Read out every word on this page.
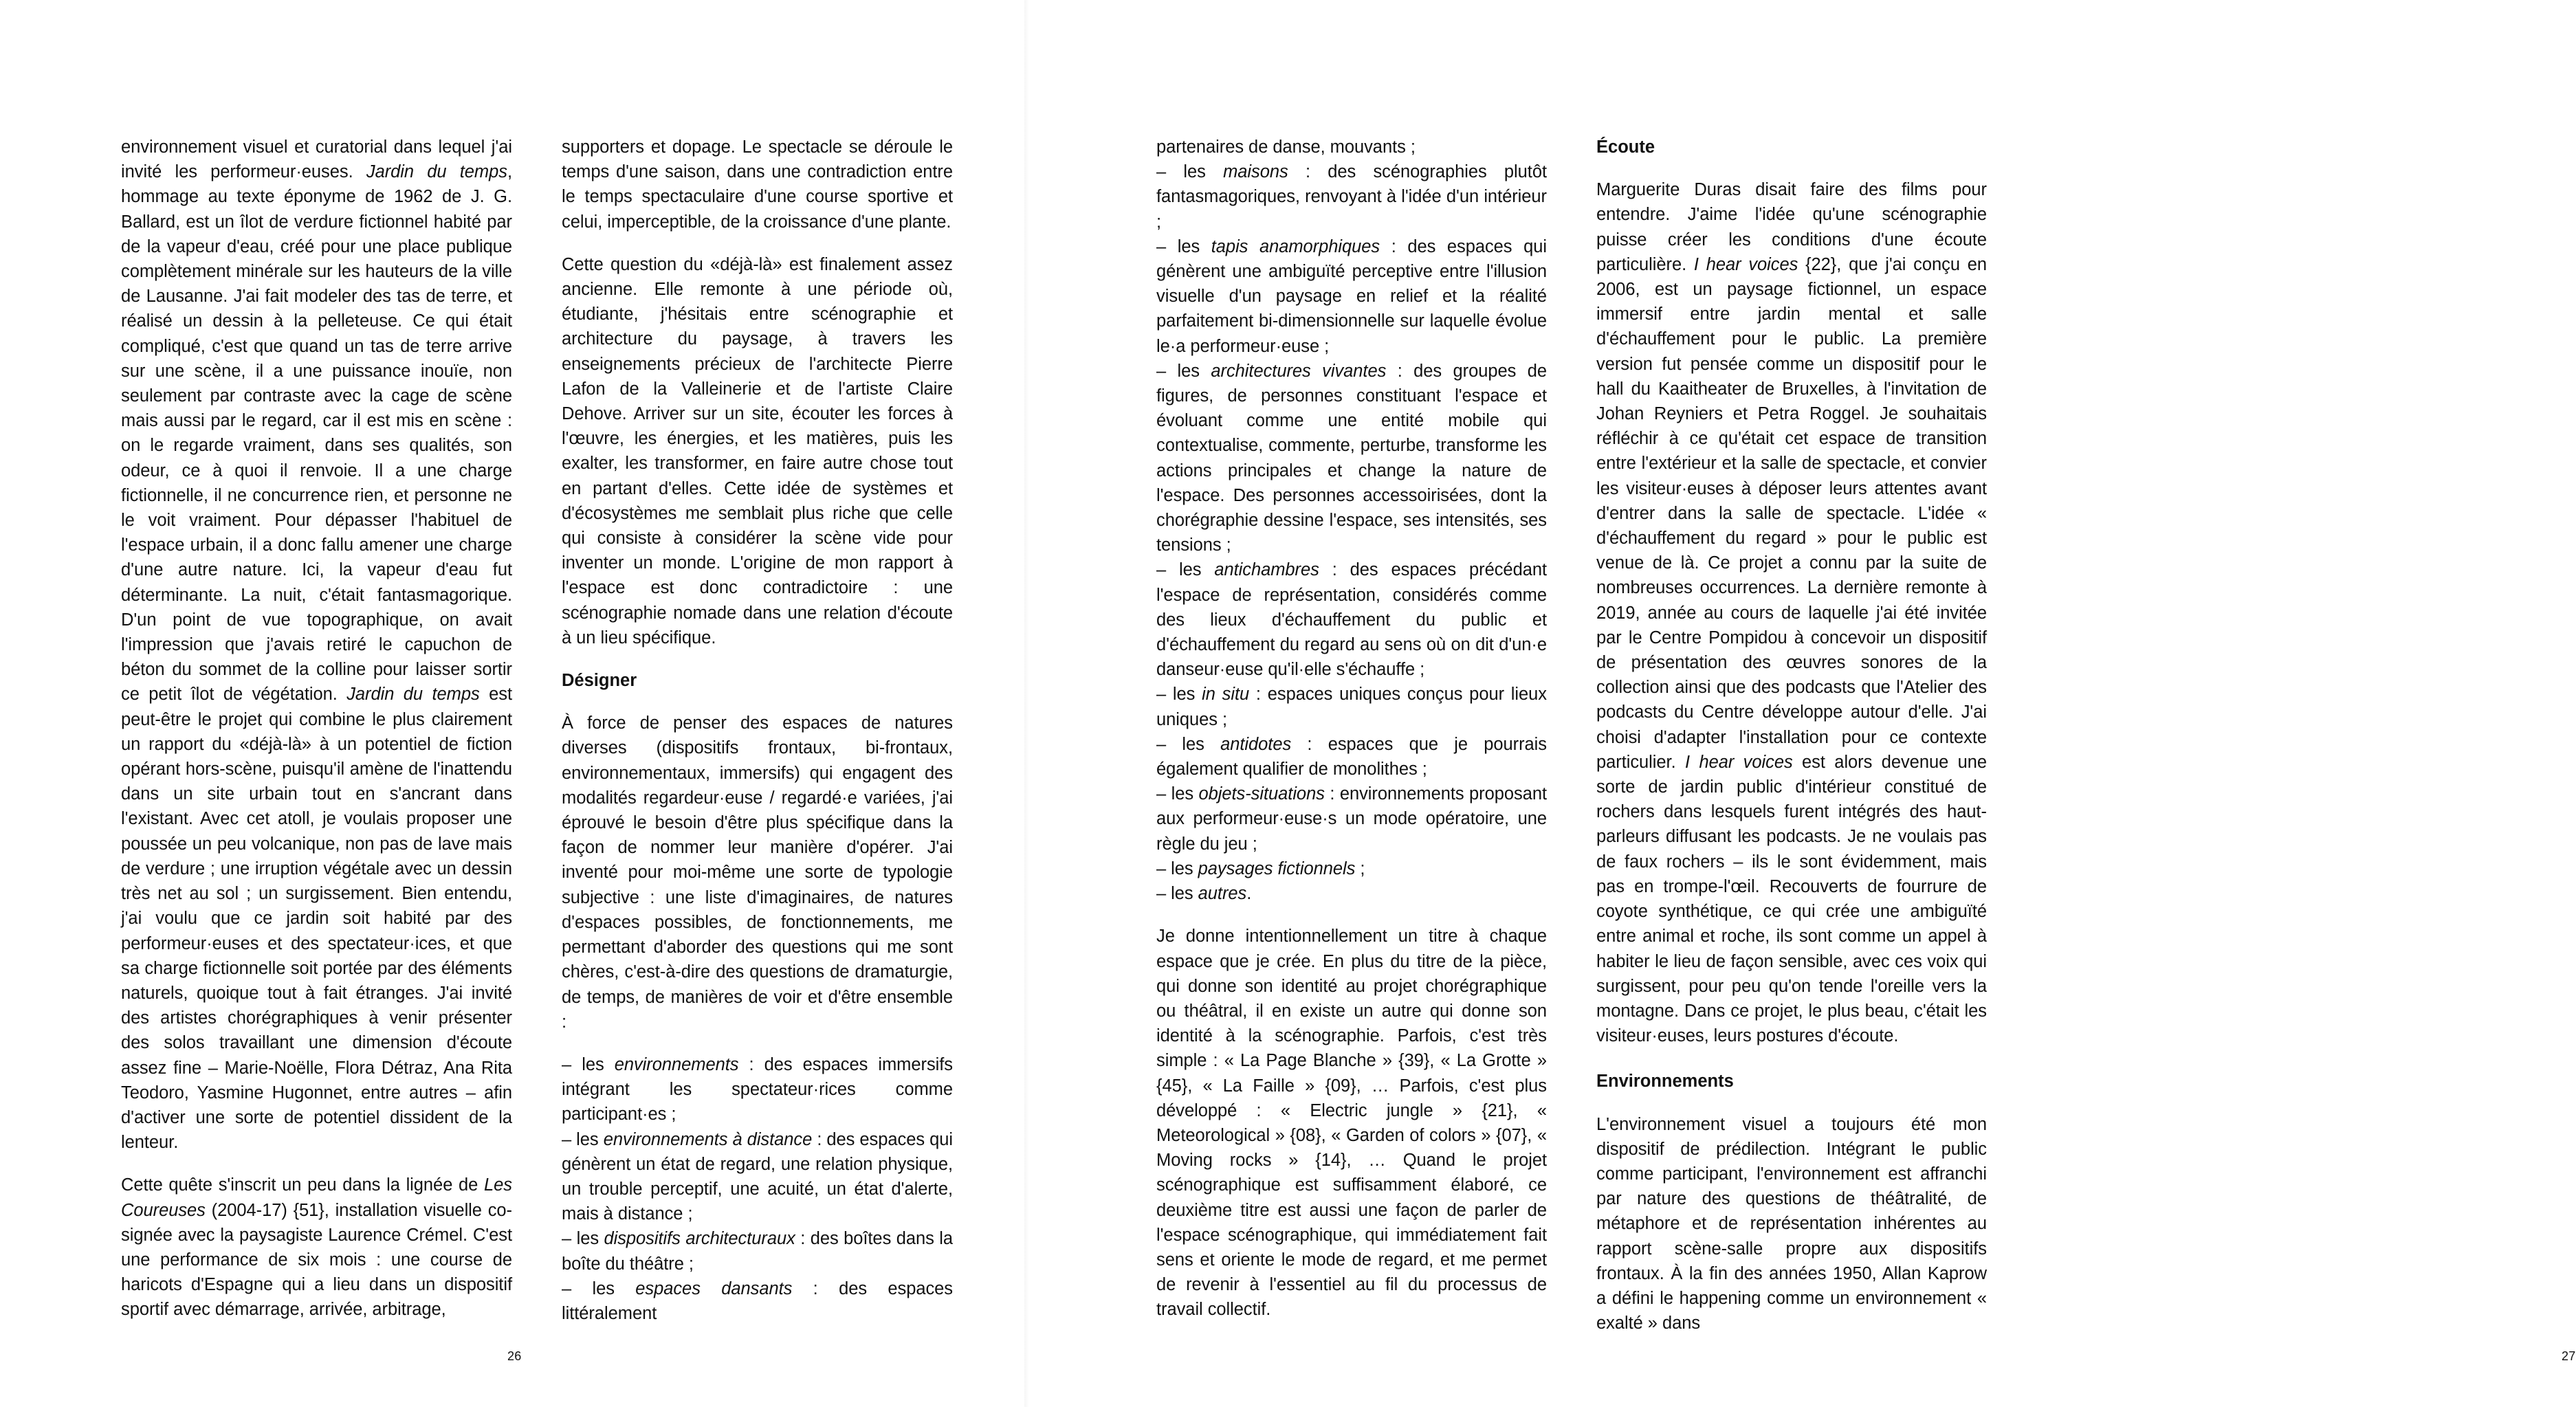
environnement visuel et curatorial dans lequel j'ai invité les performeur·euses. Jardin du temps, hommage au texte éponyme de 1962 de J. G. Ballard, est un îlot de verdure fictionnel habité par de la vapeur d'eau, créé pour une place publique complètement minérale sur les hauteurs de la ville de Lausanne. J'ai fait modeler des tas de terre, et réalisé un dessin à la pelleteuse. Ce qui était compliqué, c'est que quand un tas de terre arrive sur une scène, il a une puissance inouïe, non seulement par contraste avec la cage de scène mais aussi par le regard, car il est mis en scène : on le regarde vraiment, dans ses qualités, son odeur, ce à quoi il renvoie. Il a une charge fictionnelle, il ne concurrence rien, et personne ne le voit vraiment. Pour dépasser l'habituel de l'espace urbain, il a donc fallu amener une charge d'une autre nature. Ici, la vapeur d'eau fut déterminante. La nuit, c'était fantasmagorique. D'un point de vue topographique, on avait l'impression que j'avais retiré le capuchon de béton du sommet de la colline pour laisser sortir ce petit îlot de végétation. Jardin du temps est peut-être le projet qui combine le plus clairement un rapport du «déjà-là» à un potentiel de fiction opérant hors-scène, puisqu'il amène de l'inattendu dans un site urbain tout en s'ancrant dans l'existant. Avec cet atoll, je voulais proposer une poussée un peu volcanique, non pas de lave mais de verdure ; une irruption végétale avec un dessin très net au sol ; un surgissement. Bien entendu, j'ai voulu que ce jardin soit habité par des performeur·euses et des spectateur·ices, et que sa charge fictionnelle soit portée par des éléments naturels, quoique tout à fait étranges. J'ai invité des artistes chorégraphiques à venir présenter des solos travaillant une dimension d'écoute assez fine – Marie-Noëlle, Flora Détraz, Ana Rita Teodoro, Yasmine Hugonnet, entre autres – afin d'activer une sorte de potentiel dissident de la lenteur.

Cette quête s'inscrit un peu dans la lignée de Les Coureuses (2004-17) {51}, installation visuelle co-signée avec la paysagiste Laurence Crémel. C'est une performance de six mois : une course de haricots d'Espagne qui a lieu dans un dispositif sportif avec démarrage, arrivée, arbitrage,

supporters et dopage. Le spectacle se déroule le temps d'une saison, dans une contradiction entre le temps spectaculaire d'une course sportive et celui, imperceptible, de la croissance d'une plante.

Cette question du «déjà-là» est finalement assez ancienne. Elle remonte à une période où, étudiante, j'hésitais entre scénographie et architecture du paysage, à travers les enseignements précieux de l'architecte Pierre Lafon de la Valleinerie et de l'artiste Claire Dehove. Arriver sur un site, écouter les forces à l'œuvre, les énergies, et les matières, puis les exalter, les transformer, en faire autre chose tout en partant d'elles. Cette idée de systèmes et d'écosystèmes me semblait plus riche que celle qui consiste à considérer la scène vide pour inventer un monde. L'origine de mon rapport à l'espace est donc contradictoire : une scénographie nomade dans une relation d'écoute à un lieu spécifique.

Désigner

À force de penser des espaces de natures diverses (dispositifs frontaux, bi-frontaux, environnementaux, immersifs) qui engagent des modalités regardeur·euse / regardé·e variées, j'ai éprouvé le besoin d'être plus spécifique dans la façon de nommer leur manière d'opérer. J'ai inventé pour moi-même une sorte de typologie subjective : une liste d'imaginaires, de natures d'espaces possibles, de fonctionnements, me permettant d'aborder des questions qui me sont chères, c'est-à-dire des questions de dramaturgie, de temps, de manières de voir et d'être ensemble :

– les environnements : des espaces immersifs intégrant les spectateur·rices comme participant·es ;

– les environnements à distance : des espaces qui génèrent un état de regard, une relation physique, un trouble perceptif, une acuité, un état d'alerte, mais à distance ;

– les dispositifs architecturaux : des boîtes dans la boîte du théâtre ;

– les espaces dansants : des espaces littéralement

26

partenaires de danse, mouvants ;

– les maisons : des scénographies plutôt fantasmagoriques, renvoyant à l'idée d'un intérieur ;

– les tapis anamorphiques : des espaces qui génèrent une ambiguïté perceptive entre l'illusion visuelle d'un paysage en relief et la réalité parfaitement bi-dimensionnelle sur laquelle évolue le·a performeur·euse ;

– les architectures vivantes : des groupes de figures, de personnes constituant l'espace et évoluant comme une entité mobile qui contextualise, commente, perturbe, transforme les actions principales et change la nature de l'espace. Des personnes accessoirisées, dont la chorégraphie dessine l'espace, ses intensités, ses tensions ;

– les antichambres : des espaces précédant l'espace de représentation, considérés comme des lieux d'échauffement du public et d'échauffement du regard au sens où on dit d'un·e danseur·euse qu'il·elle s'échauffe ;

– les in situ : espaces uniques conçus pour lieux uniques ;

– les antidotes : espaces que je pourrais également qualifier de monolithes ;

– les objets-situations : environnements proposant aux performeur·euse·s un mode opératoire, une règle du jeu ;

– les paysages fictionnels ;

– les autres.

Je donne intentionnellement un titre à chaque espace que je crée. En plus du titre de la pièce, qui donne son identité au projet chorégraphique ou théâtral, il en existe un autre qui donne son identité à la scénographie. Parfois, c'est très simple : « La Page Blanche » {39}, « La Grotte » {45}, « La Faille » {09}, … Parfois, c'est plus développé : « Electric jungle » {21}, « Meteorological » {08}, « Garden of colors » {07}, « Moving rocks » {14}, … Quand le projet scénographique est suffisamment élaboré, ce deuxième titre est aussi une façon de parler de l'espace scénographique, qui immédiatement fait sens et oriente le mode de regard, et me permet de revenir à l'essentiel au fil du processus de travail collectif.

Écoute

Marguerite Duras disait faire des films pour entendre. J'aime l'idée qu'une scénographie puisse créer les conditions d'une écoute particulière. I hear voices {22}, que j'ai conçu en 2006, est un paysage fictionnel, un espace immersif entre jardin mental et salle d'échauffement pour le public. La première version fut pensée comme un dispositif pour le hall du Kaaitheater de Bruxelles, à l'invitation de Johan Reyniers et Petra Roggel. Je souhaitais réfléchir à ce qu'était cet espace de transition entre l'extérieur et la salle de spectacle, et convier les visiteur·euses à déposer leurs attentes avant d'entrer dans la salle de spectacle. L'idée « d'échauffement du regard » pour le public est venue de là. Ce projet a connu par la suite de nombreuses occurrences. La dernière remonte à 2019, année au cours de laquelle j'ai été invitée par le Centre Pompidou à concevoir un dispositif de présentation des œuvres sonores de la collection ainsi que des podcasts que l'Atelier des podcasts du Centre développe autour d'elle. J'ai choisi d'adapter l'installation pour ce contexte particulier. I hear voices est alors devenue une sorte de jardin public d'intérieur constitué de rochers dans lesquels furent intégrés des haut-parleurs diffusant les podcasts. Je ne voulais pas de faux rochers – ils le sont évidemment, mais pas en trompe-l'œil. Recouverts de fourrure de coyote synthétique, ce qui crée une ambiguïté entre animal et roche, ils sont comme un appel à habiter le lieu de façon sensible, avec ces voix qui surgissent, pour peu qu'on tende l'oreille vers la montagne. Dans ce projet, le plus beau, c'était les visiteur·euses, leurs postures d'écoute.

Environnements

L'environnement visuel a toujours été mon dispositif de prédilection. Intégrant le public comme participant, l'environnement est affranchi par nature des questions de théâtralité, de métaphore et de représentation inhérentes au rapport scène-salle propre aux dispositifs frontaux. À la fin des années 1950, Allan Kaprow a défini le happening comme un environnement « exalté » dans

27
